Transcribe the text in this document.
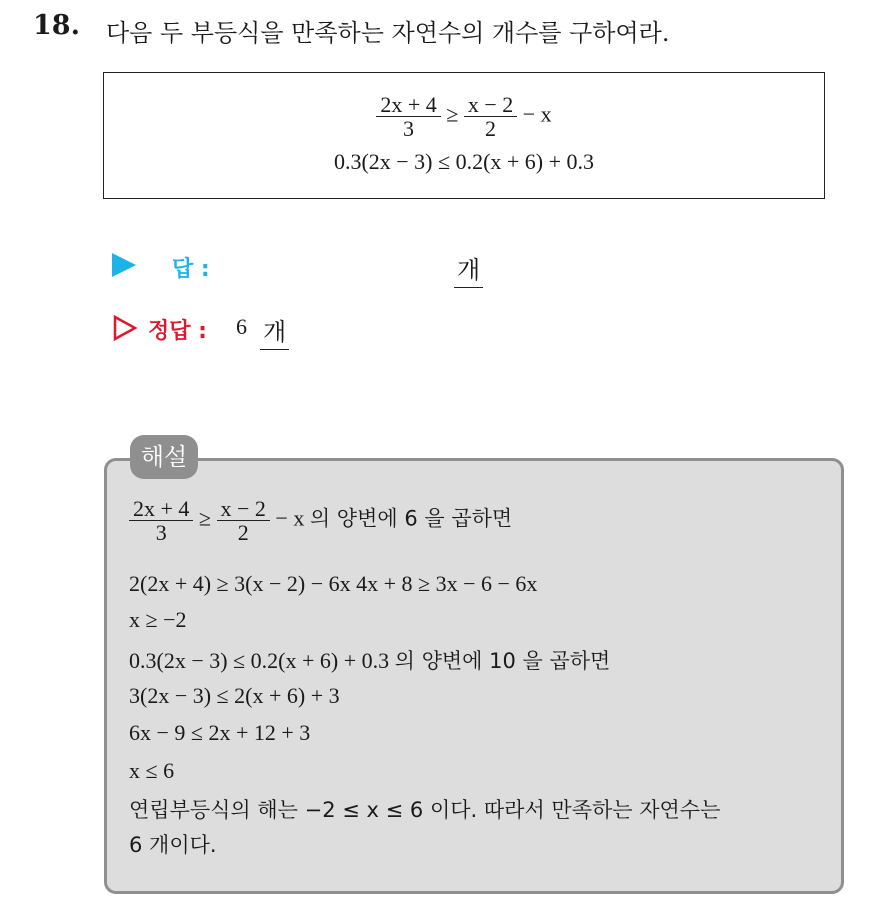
18. 다음 두 부등식을 만족하는 자연수의 개수를 구하여라.
$\frac{2x + 4}{3} \ge \frac{x - 2}{2} - x$
0.3(2x − 3) ≤ 0.2(x + 6) + 0.3
답 :	개
정답 : 6 개
해설
$\frac{2x + 4}{3} \ge \frac{x - 2}{2} - x$ 의 양변에 6 을 곱하면
2(2x + 4) ≥ 3(x − 2) − 6x 4x + 8 ≥ 3x − 6 − 6x
x ≥ −2
0.3(2x − 3) ≤ 0.2(x + 6) + 0.3 의 양변에 10 을 곱하면
3(2x − 3) ≤ 2(x + 6) + 3
6x − 9 ≤ 2x + 12 + 3
x ≤ 6
연립부등식의 해는 −2 ≤ x ≤ 6 이다. 따라서 만족하는 자연수는
6 개이다.
